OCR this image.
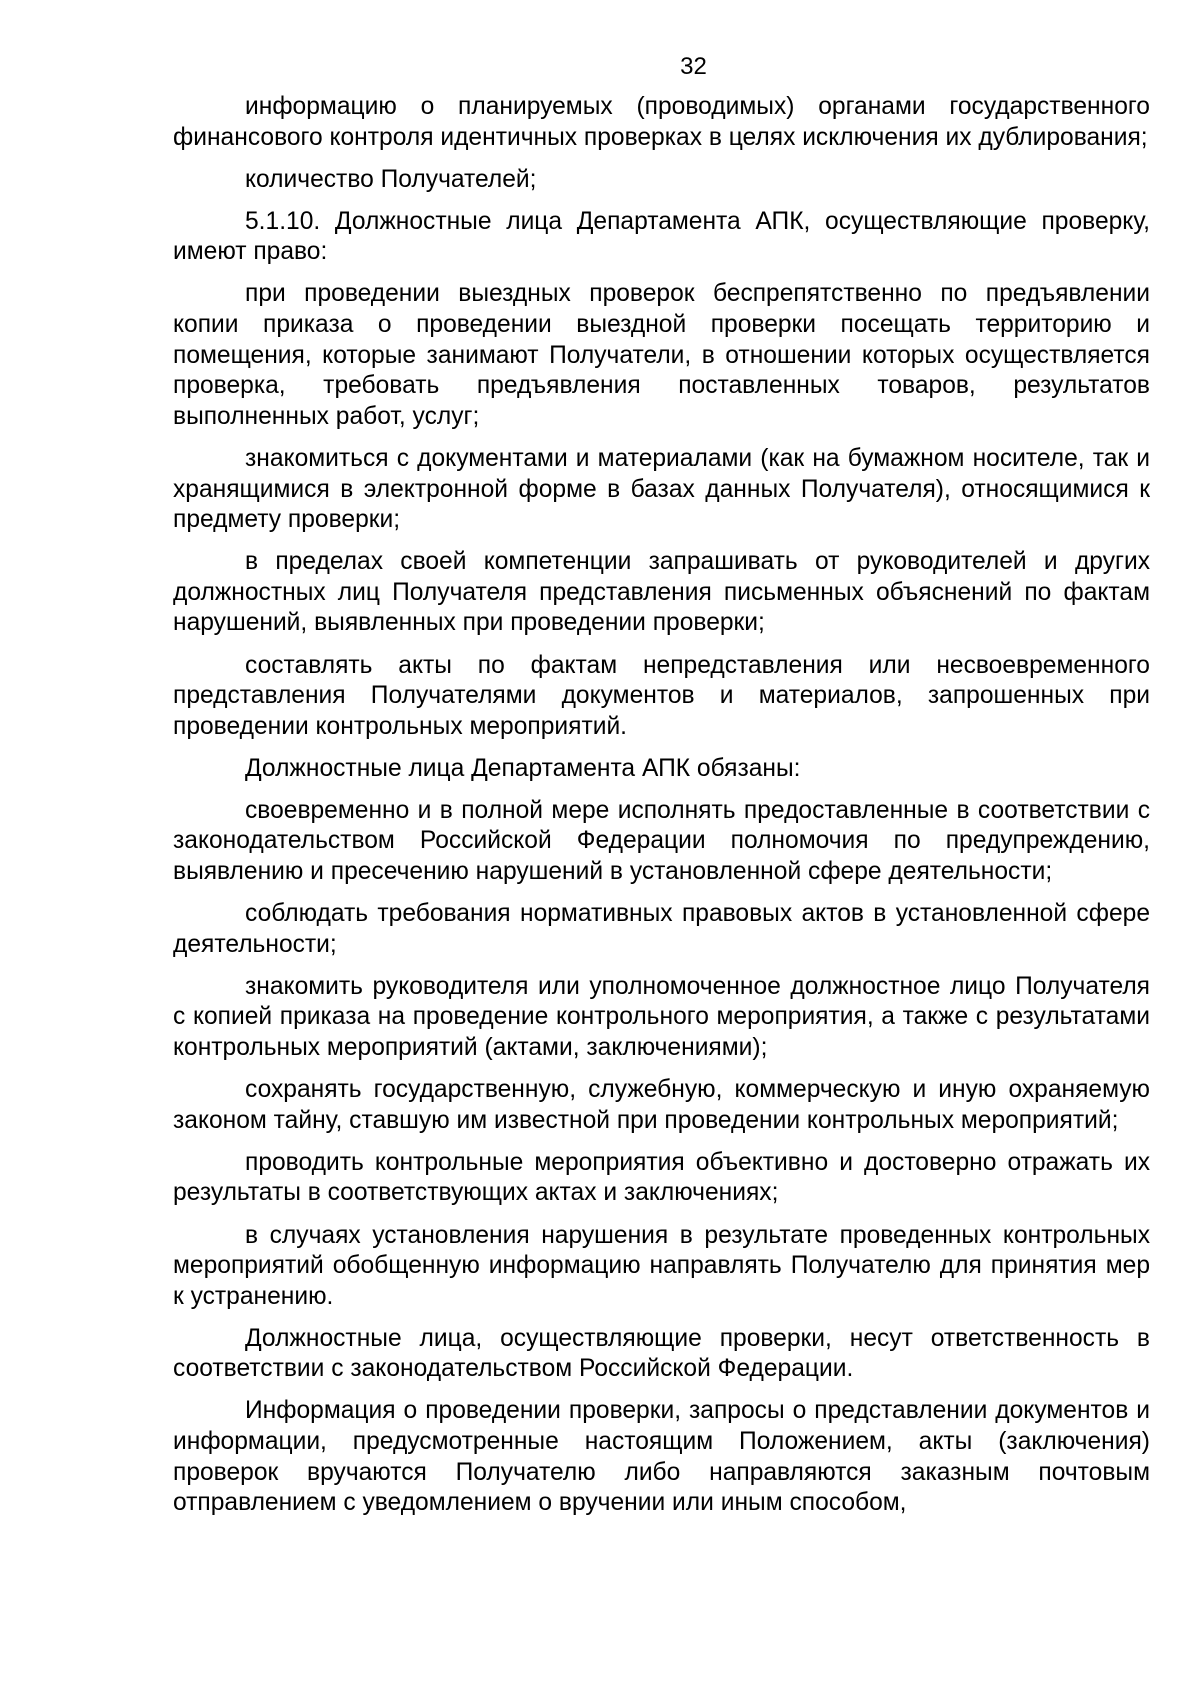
32

информацию о планируемых (проводимых) органами государственного финансового контроля идентичных проверках в целях исключения их дублирования;

количество Получателей;

5.1.10. Должностные лица Департамента АПК, осуществляющие проверку, имеют право:

при проведении выездных проверок беспрепятственно по предъявлении копии приказа о проведении выездной проверки посещать территорию и помещения, которые занимают Получатели, в отношении которых осуществляется проверка, требовать предъявления поставленных товаров, результатов выполненных работ, услуг;

знакомиться с документами и материалами (как на бумажном носителе, так и хранящимися в электронной форме в базах данных Получателя), относящимися к предмету проверки;

в пределах своей компетенции запрашивать от руководителей и других должностных лиц Получателя представления письменных объяснений по фактам нарушений, выявленных при проведении проверки;

составлять акты по фактам непредставления или несвоевременного представления Получателями документов и материалов, запрошенных при проведении контрольных мероприятий.

Должностные лица Департамента АПК обязаны:

своевременно и в полной мере исполнять предоставленные в соответствии с законодательством Российской Федерации полномочия по предупреждению, выявлению и пресечению нарушений в установленной сфере деятельности;

соблюдать требования нормативных правовых актов в установленной сфере деятельности;

знакомить руководителя или уполномоченное должностное лицо Получателя с копией приказа на проведение контрольного мероприятия, а также с результатами контрольных мероприятий (актами, заключениями);

сохранять государственную, служебную, коммерческую и иную охраняемую законом тайну, ставшую им известной при проведении контрольных мероприятий;

проводить контрольные мероприятия объективно и достоверно отражать их результаты в соответствующих актах и заключениях;

в случаях установления нарушения в результате проведенных контрольных мероприятий обобщенную информацию направлять Получателю для принятия мер к устранению.

Должностные лица, осуществляющие проверки, несут ответственность в соответствии с законодательством Российской Федерации.

Информация о проведении проверки, запросы о представлении документов и информации, предусмотренные настоящим Положением, акты (заключения) проверок вручаются Получателю либо направляются заказным почтовым отправлением с уведомлением о вручении или иным способом,
